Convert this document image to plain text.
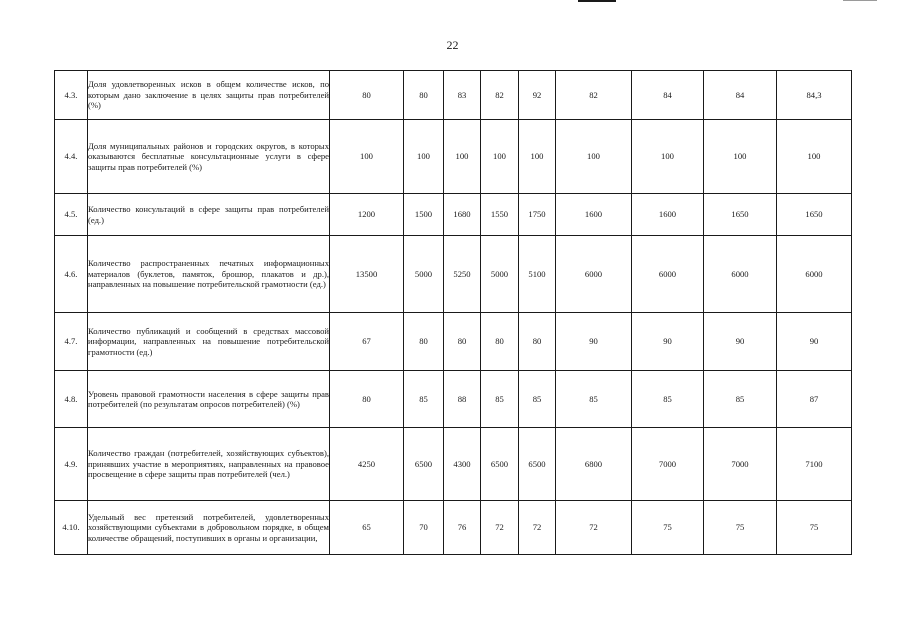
22
4.3.	Доля удовлетворенных исков в общем количестве исков, по которым дано заключение в целях защиты прав потребителей (%)	80	80	83	82	92	82	84	84	84,3
4.4.	Доля муниципальных районов и городских округов, в которых оказываются бесплатные консультационные услуги в сфере защиты прав потребителей (%)	100	100	100	100	100	100	100	100	100
4.5.	Количество консультаций в сфере защиты прав потребителей (ед.)	1200	1500	1680	1550	1750	1600	1600	1650	1650
4.6.	Количество распространенных печатных информационных материалов (буклетов, памяток, брошюр, плакатов и др.), направленных на повышение потребительской грамотности (ед.)	13500	5000	5250	5000	5100	6000	6000	6000	6000
4.7.	Количество публикаций и сообщений в средствах массовой информации, направленных на повышение потребительской грамотности (ед.)	67	80	80	80	80	90	90	90	90
4.8.	Уровень правовой грамотности населения в сфере защиты прав потребителей (по результатам опросов потребителей) (%)	80	85	88	85	85	85	85	85	87
4.9.	Количество граждан (потребителей, хозяйствующих субъектов), принявших участие в мероприятиях, направленных на правовое просвещение в сфере защиты прав потребителей (чел.)	4250	6500	4300	6500	6500	6800	7000	7000	7100
4.10.	Удельный вес претензий потребителей, удовлетворенных хозяйствующими субъектами в добровольном порядке, в общем количестве обращений, поступивших в органы и организации,	65	70	76	72	72	72	75	75	75
